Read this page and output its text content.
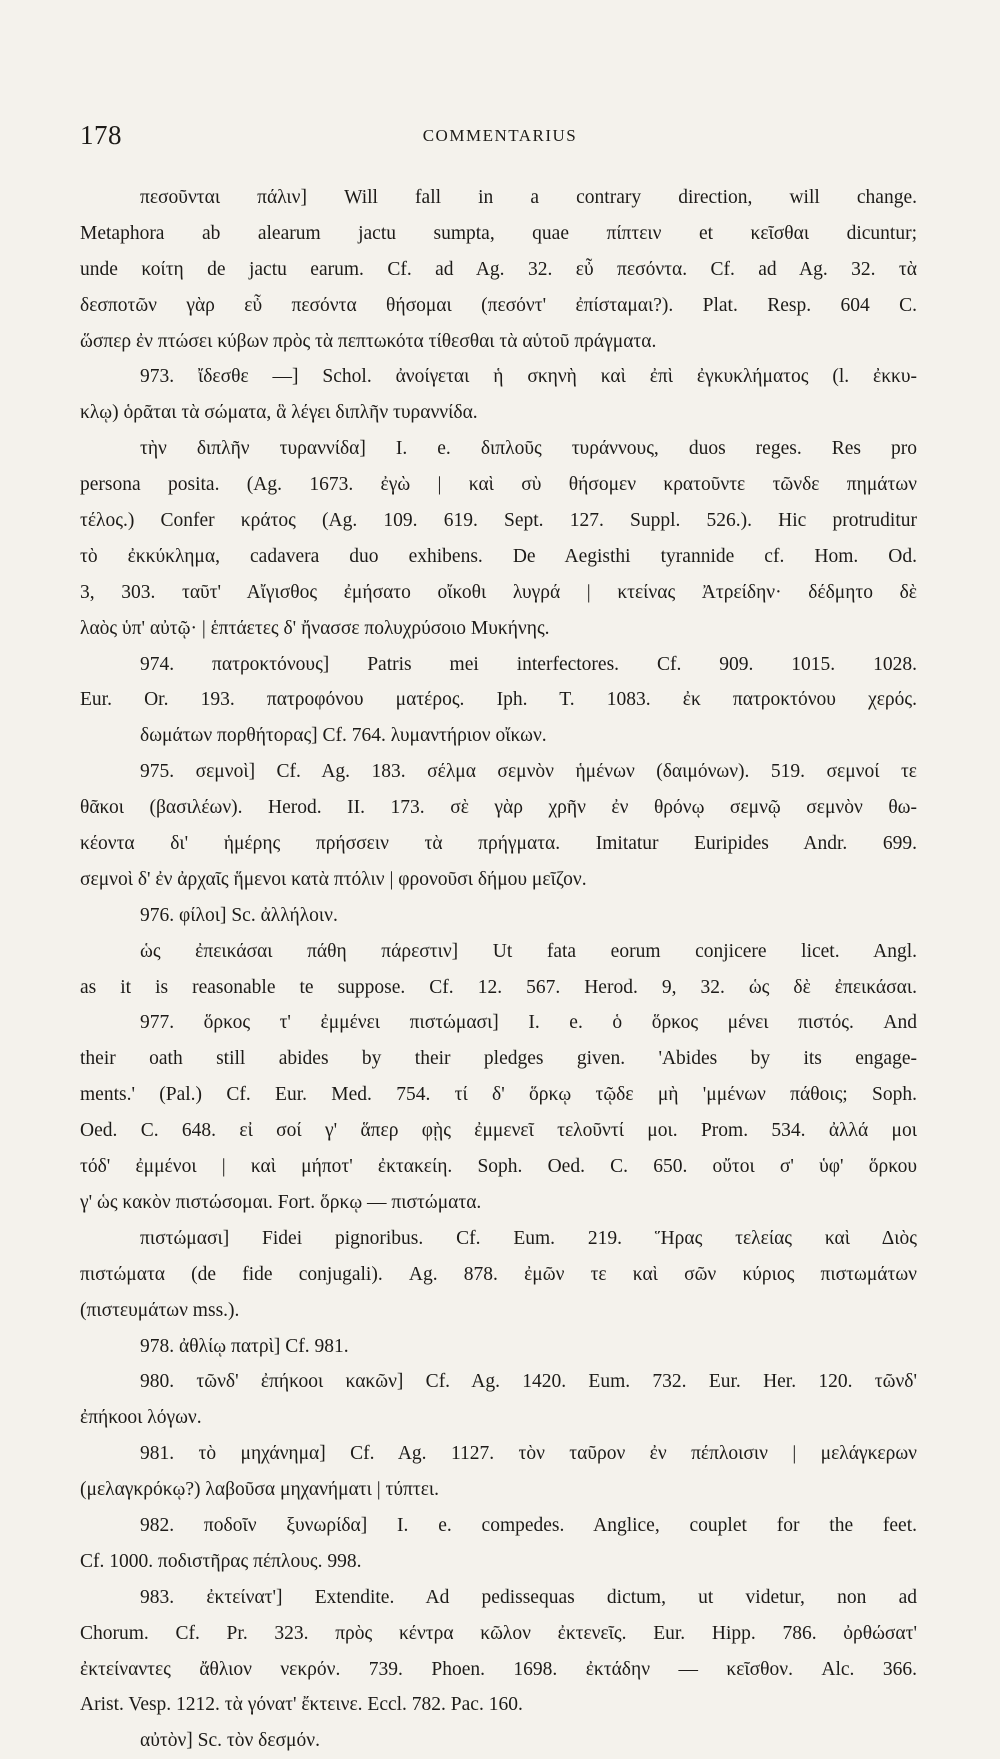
178	COMMENTARIUS
πεσοῦνται πάλιν] Will fall in a contrary direction, will change.
Metaphora ab alearum jactu sumpta, quae πίπτειν et κεῖσθαι dicuntur;
unde κοίτη de jactu earum. Cf. ad Ag. 32. εὖ πεσόντα. Cf. ad Ag. 32. τὰ
δεσποτῶν γὰρ εὖ πεσόντα θήσομαι (πεσόντ' ἐπίσταμαι?). Plat. Resp. 604 C.
ὥσπερ ἐν πτώσει κύβων πρὸς τὰ πεπτωκότα τίθεσθαι τὰ αὑτοῦ πράγματα.
973. ἴδεσθε —] Schol. ἀνοίγεται ἡ σκηνὴ καὶ ἐπὶ ἐγκυκλήματος (l. ἐκκυ-
κλῳ) ὁρᾶται τὰ σώματα, ἃ λέγει διπλῆν τυραννίδα.
τὴν διπλῆν τυραννίδα] I. e. διπλοῦς τυράννους, duos reges. Res pro
persona posita. (Ag. 1673. ἐγὼ | καὶ σὺ θήσομεν κρατοῦντε τῶνδε πημάτων
τέλος.) Confer κράτος (Ag. 109. 619. Sept. 127. Suppl. 526.). Hic protruditur
τὸ ἐκκύκλημα, cadavera duo exhibens. De Aegisthi tyrannide cf. Hom. Od.
3, 303. ταῦτ' Αἴγισθος ἐμήσατο οἴκοθι λυγρά | κτείνας Ἀτρείδην· δέδμητο δὲ
λαὸς ὑπ' αὐτῷ· | ἑπτάετες δ' ἤνασσε πολυχρύσοιο Μυκήνης.
974. πατροκτόνους] Patris mei interfectores. Cf. 909. 1015. 1028.
Eur. Or. 193. πατροφόνου ματέρος. Iph. T. 1083. ἐκ πατροκτόνου χερός.
δωμάτων πορθήτορας] Cf. 764. λυμαντήριον οἴκων.
975. σεμνοὶ] Cf. Ag. 183. σέλμα σεμνὸν ἡμένων (δαιμόνων). 519. σεμνοί τε
θᾶκοι (βασιλέων). Herod. II. 173. σὲ γὰρ χρῆν ἐν θρόνῳ σεμνῷ σεμνὸν θω-
κέοντα δι' ἡμέρης πρήσσειν τὰ πρήγματα. Imitatur Euripides Andr. 699.
σεμνοὶ δ' ἐν ἀρχαῖς ἥμενοι κατὰ πτόλιν | φρονοῦσι δήμου μεῖζον.
976. φίλοι] Sc. ἀλλήλοιν.
ὡς ἐπεικάσαι πάθη πάρεστιν] Ut fata eorum conjicere licet. Angl.
as it is reasonable te suppose. Cf. 12. 567. Herod. 9, 32. ὡς δὲ ἐπεικάσαι.
977. ὅρκος τ' ἐμμένει πιστώμασι] I. e. ὁ ὅρκος μένει πιστός. And
their oath still abides by their pledges given. 'Abides by its engage-
ments.' (Pal.) Cf. Eur. Med. 754. τί δ' ὅρκῳ τῷδε μὴ 'μμένων πάθοις; Soph.
Oed. C. 648. εἰ σοί γ' ἅπερ φῂς ἐμμενεῖ τελοῦντί μοι. Prom. 534. ἀλλά μοι
τόδ' ἐμμένοι | καὶ μήποτ' ἐκτακείη. Soph. Oed. C. 650. οὔτοι σ' ὑφ' ὅρκου
γ' ὡς κακὸν πιστώσομαι. Fort. ὅρκῳ — πιστώματα.
πιστώμασι] Fidei pignoribus. Cf. Eum. 219. Ἥρας τελείας καὶ Διὸς
πιστώματα (de fide conjugali). Ag. 878. ἐμῶν τε καὶ σῶν κύριος πιστωμάτων
(πιστευμάτων mss.).
978. ἀθλίῳ πατρὶ] Cf. 981.
980. τῶνδ' ἐπήκοοι κακῶν] Cf. Ag. 1420. Eum. 732. Eur. Her. 120. τῶνδ'
ἐπήκοοι λόγων.
981. τὸ μηχάνημα] Cf. Ag. 1127. τὸν ταῦρον ἐν πέπλοισιν | μελάγκερων
(μελαγκρόκῳ?) λαβοῦσα μηχανήματι | τύπτει.
982. ποδοῖν ξυνωρίδα] I. e. compedes. Anglice, couplet for the feet.
Cf. 1000. ποδιστῆρας πέπλους. 998.
983. ἐκτείνατ'] Extendite. Ad pedissequas dictum, ut videtur, non ad
Chorum. Cf. Pr. 323. πρὸς κέντρα κῶλον ἐκτενεῖς. Eur. Hipp. 786. ὀρθώσατ'
ἐκτείναντες ἄθλιον νεκρόν. 739. Phoen. 1698. ἐκτάδην — κεῖσθον. Alc. 366.
Arist. Vesp. 1212. τὰ γόνατ' ἔκτεινε. Eccl. 782. Pac. 160.
αὐτὸν] Sc. τὸν δεσμόν.
